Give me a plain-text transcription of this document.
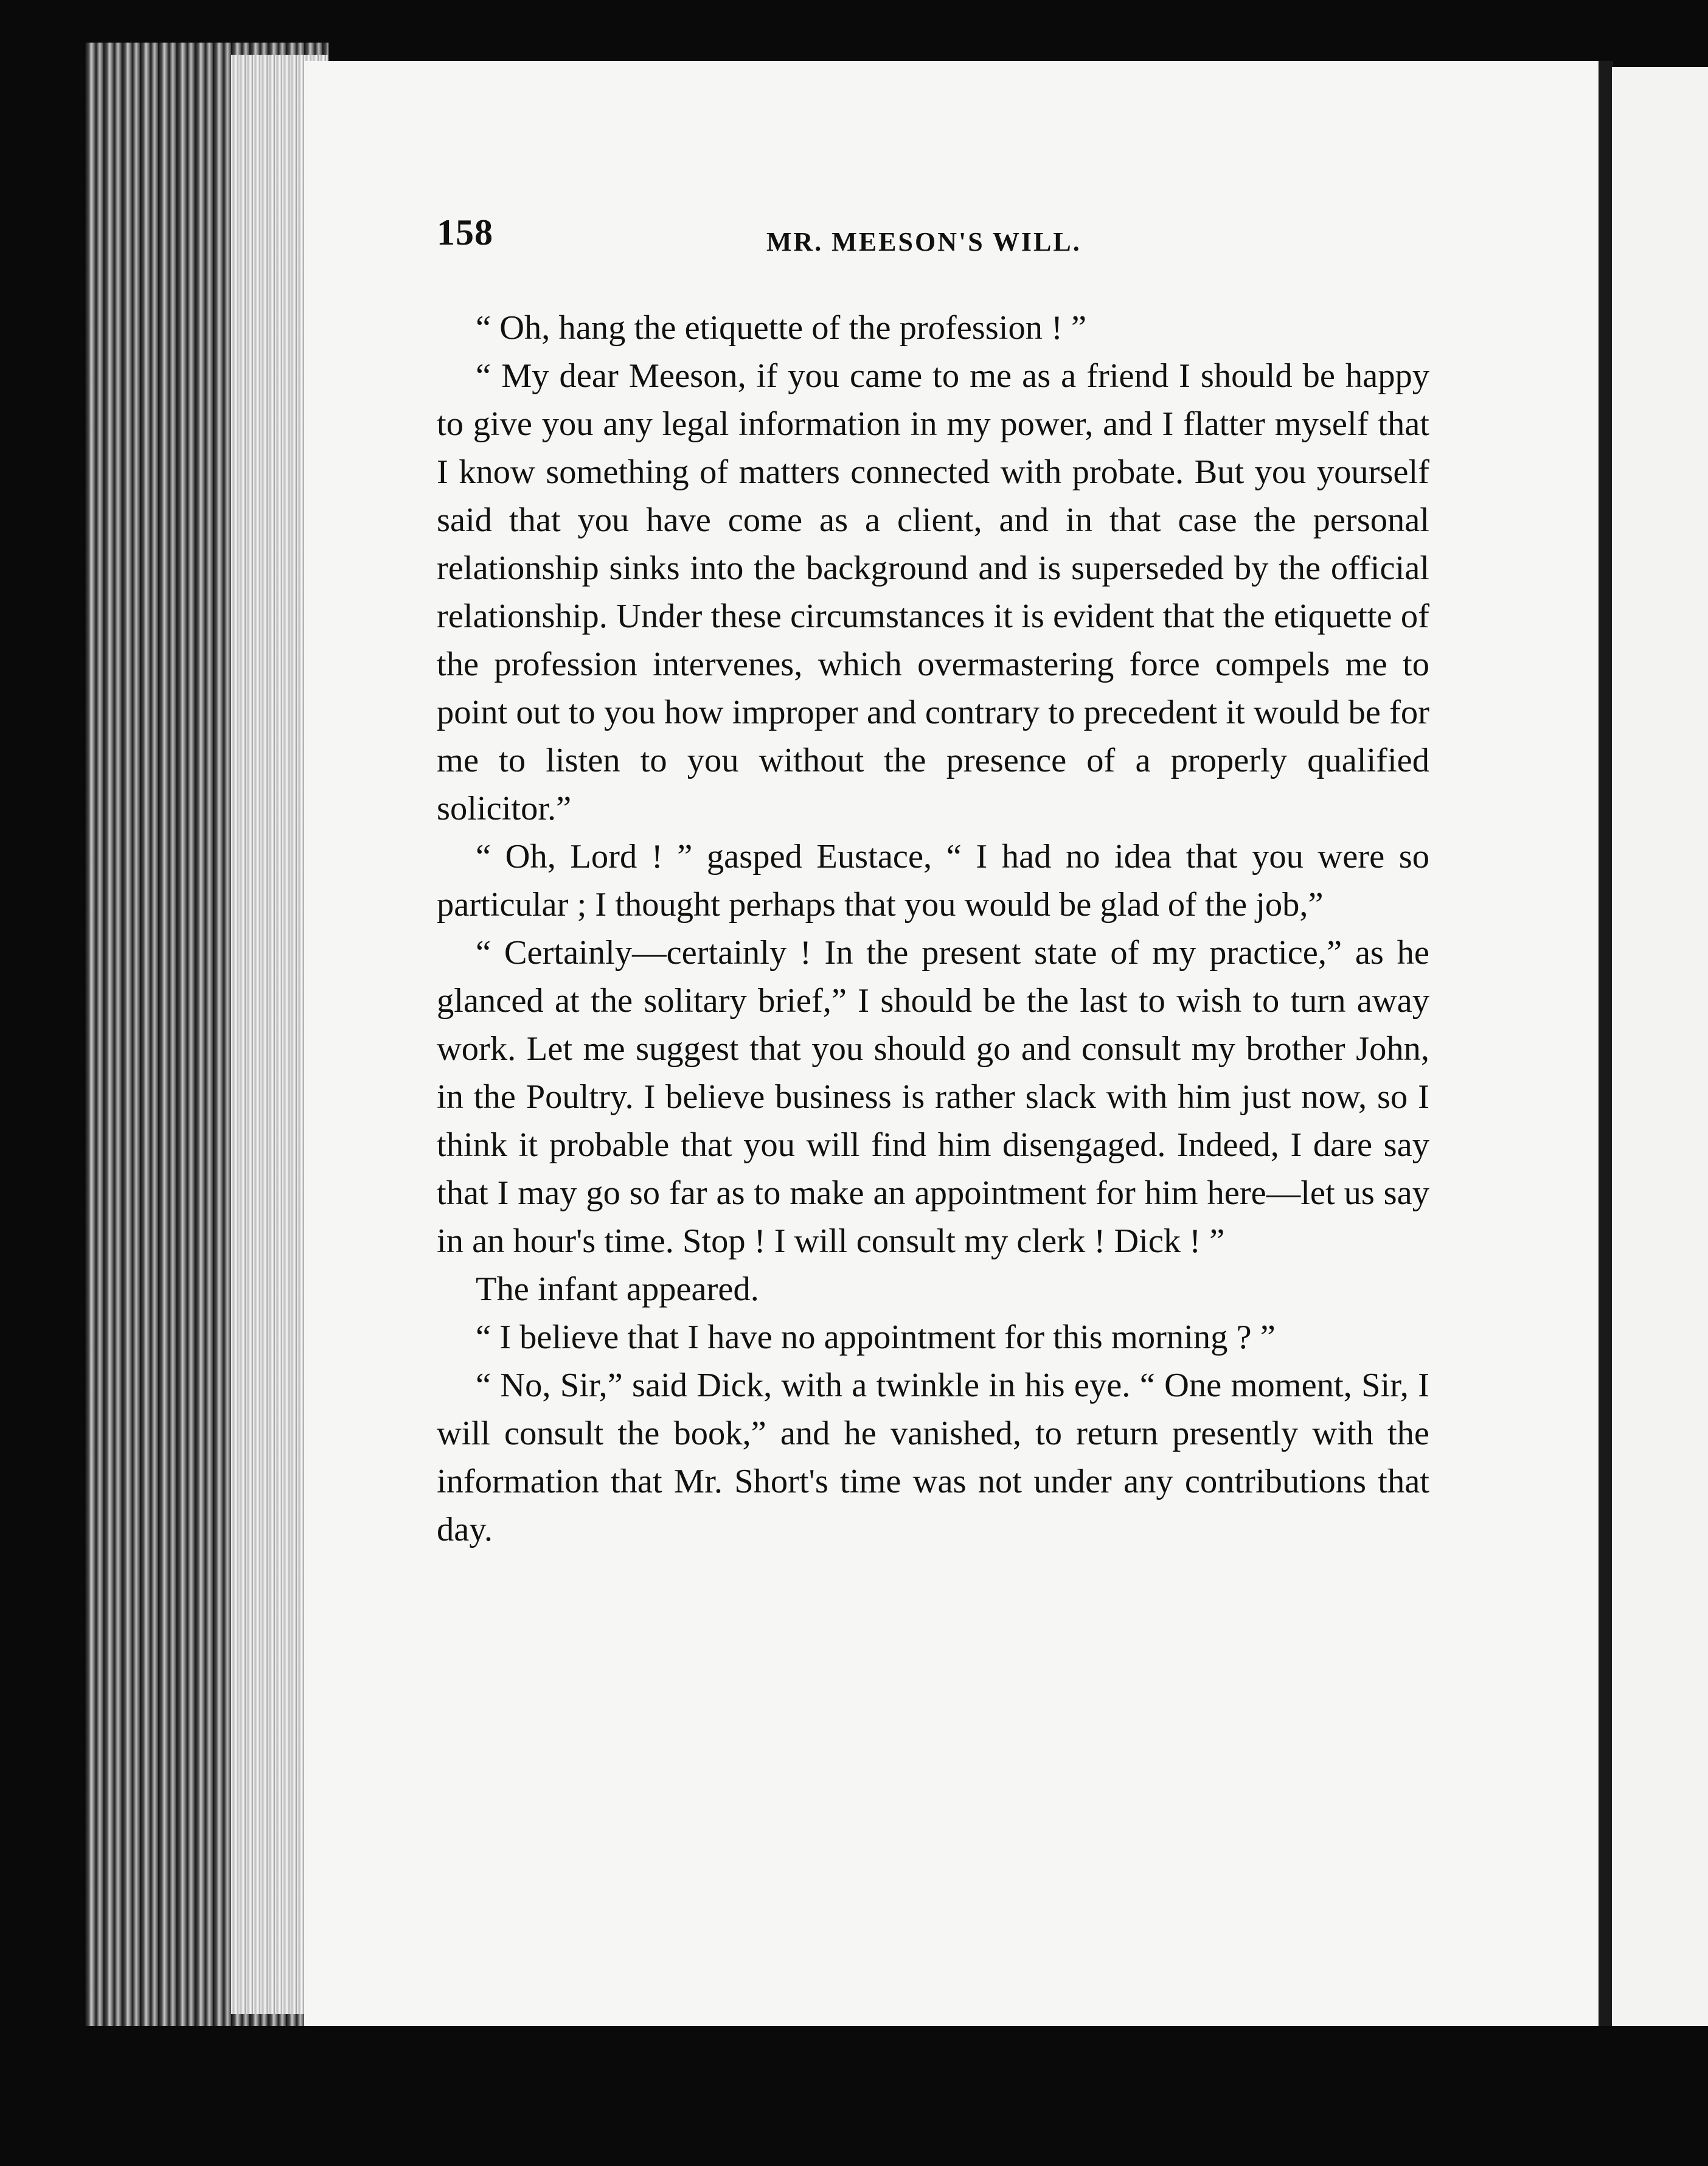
158	MR. MEESON'S WILL.

“ Oh, hang the etiquette of the profession ! ”

“ My dear Meeson, if you came to me as a friend I should be happy to give you any legal information in my power, and I flatter myself that I know something of matters connected with probate. But you yourself said that you have come as a client, and in that case the personal relationship sinks into the background and is superseded by the official relationship. Under these circumstances it is evident that the etiquette of the profession intervenes, which overmastering force compels me to point out to you how improper and contrary to precedent it would be for me to listen to you without the presence of a properly qualified solicitor.”

“ Oh, Lord ! ” gasped Eustace, “ I had no idea that you were so particular ; I thought perhaps that you would be glad of the job,”

“ Certainly—certainly ! In the present state of my practice,” as he glanced at the solitary brief,” I should be the last to wish to turn away work. Let me suggest that you should go and consult my brother John, in the Poultry. I believe business is rather slack with him just now, so I think it probable that you will find him disengaged. Indeed, I dare say that I may go so far as to make an appointment for him here—let us say in an hour's time. Stop ! I will consult my clerk ! Dick ! ”

The infant appeared.

“ I believe that I have no appointment for this morning ? ”

“ No, Sir,” said Dick, with a twinkle in his eye. “ One moment, Sir, I will consult the book,” and he vanished, to return presently with the information that Mr. Short's time was not under any contributions that day.
